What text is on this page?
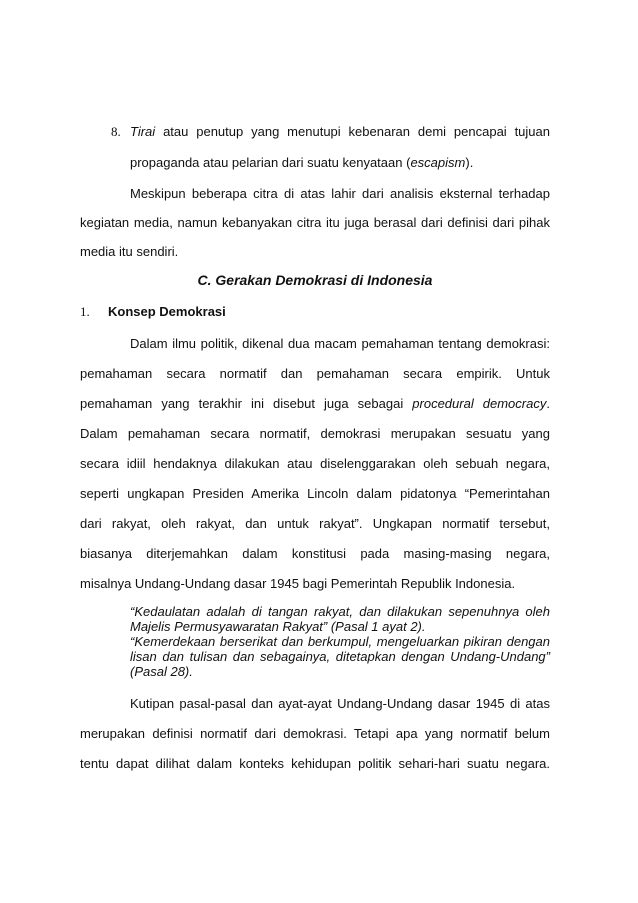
8. Tirai atau penutup yang menutupi kebenaran demi pencapai tujuan
propaganda atau pelarian dari suatu kenyataan (escapism).
Meskipun beberapa citra di atas lahir dari analisis eksternal terhadap
kegiatan media, namun kebanyakan citra itu juga berasal dari definisi dari pihak
media itu sendiri.
C. Gerakan Demokrasi di Indonesia
1. Konsep Demokrasi
Dalam ilmu politik, dikenal dua macam pemahaman tentang demokrasi:
pemahaman secara normatif dan pemahaman secara empirik. Untuk
pemahaman yang terakhir ini disebut juga sebagai procedural democracy.
Dalam pemahaman secara normatif, demokrasi merupakan sesuatu yang
secara idiil hendaknya dilakukan atau diselenggarakan oleh sebuah negara,
seperti ungkapan Presiden Amerika Lincoln dalam pidatonya “Pemerintahan
dari rakyat, oleh rakyat, dan untuk rakyat”. Ungkapan normatif tersebut,
biasanya diterjemahkan dalam konstitusi pada masing-masing negara,
misalnya Undang-Undang dasar 1945 bagi Pemerintah Republik Indonesia.
“Kedaulatan adalah di tangan rakyat, dan dilakukan sepenuhnya oleh
Majelis Permusyawaratan Rakyat” (Pasal 1 ayat 2).
“Kemerdekaan berserikat dan berkumpul, mengeluarkan pikiran dengan
lisan dan tulisan dan sebagainya, ditetapkan dengan Undang-Undang”
(Pasal 28).
Kutipan pasal-pasal dan ayat-ayat Undang-Undang dasar 1945 di atas
merupakan definisi normatif dari demokrasi. Tetapi apa yang normatif belum
tentu dapat dilihat dalam konteks kehidupan politik sehari-hari suatu negara.
